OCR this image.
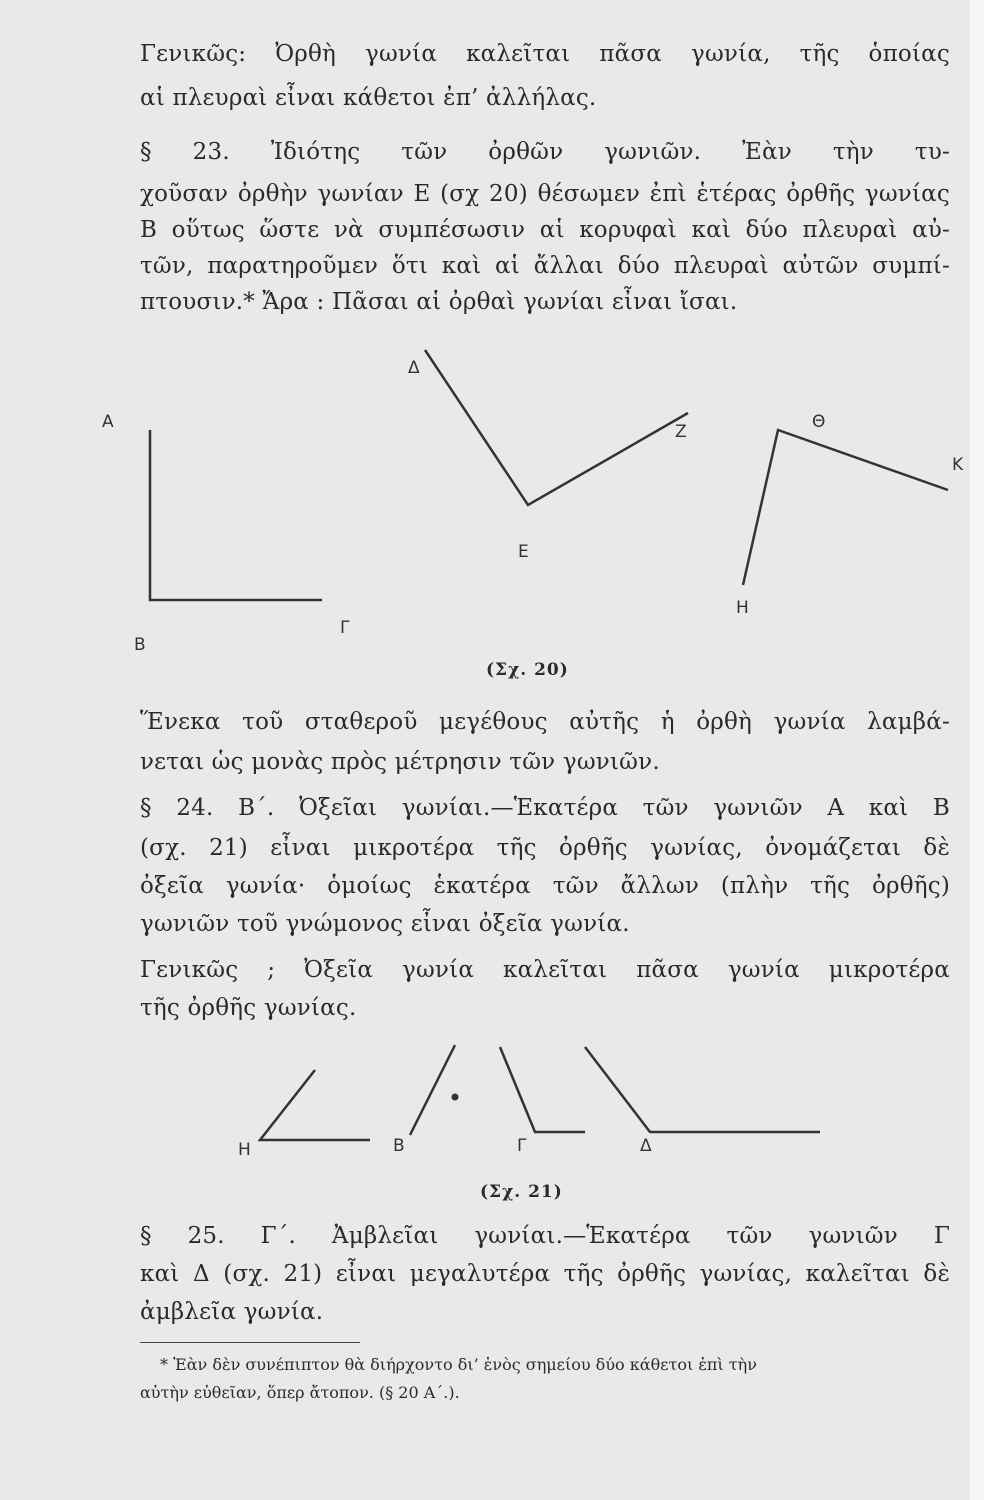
Γενικῶς: Ὀρθὴ γωνία καλεῖται πᾶσα γωνία, τῆς ὁποίας

αἱ πλευραὶ εἶναι κάθετοι ἐπ’ ἀλλήλας.

§ 23. Ἰδιότης τῶν ὀρθῶν γωνιῶν. Ἐὰν τὴν τυ-

χοῦσαν ὀρθὴν γωνίαν Ε (σχ 20) θέσωμεν ἐπὶ ἑτέρας ὀρθῆς γωνίας

Β οὕτως ὥστε νὰ συμπέσωσιν αἱ κορυφαὶ καὶ δύο πλευραὶ αὐ-

τῶν, παρατηροῦμεν ὅτι καὶ αἱ ἄλλαι δύο πλευραὶ αὐτῶν συμπί-

πτουσιν.* Ἄρα : Πᾶσαι αἱ ὀρθαὶ γωνίαι εἶναι ἴσαι.

A
B
Γ
Δ
Z
E
Θ
K
H
(Σχ. 20)

Ἕνεκα τοῦ σταθεροῦ μεγέθους αὐτῆς ἡ ὀρθὴ γωνία λαμβά-

νεται ὡς μονὰς πρὸς μέτρησιν τῶν γωνιῶν.

§ 24. Β΄. Ὀξεῖαι γωνίαι.—Ἑκατέρα τῶν γωνιῶν Α καὶ Β

(σχ. 21) εἶναι μικροτέρα τῆς ὀρθῆς γωνίας, ὀνομάζεται δὲ

ὀξεῖα γωνία· ὁμοίως ἑκατέρα τῶν ἄλλων (πλὴν τῆς ὀρθῆς)

γωνιῶν τοῦ γνώμονος εἶναι ὀξεῖα γωνία.

Γενικῶς ; Ὀξεῖα γωνία καλεῖται πᾶσα γωνία μικροτέρα

τῆς ὀρθῆς γωνίας.

H	B	Γ	Δ
(Σχ. 21)

§ 25. Γ΄. Ἀμβλεῖαι γωνίαι.—Ἑκατέρα τῶν γωνιῶν Γ

καὶ Δ (σχ. 21) εἶναι μεγαλυτέρα τῆς ὀρθῆς γωνίας, καλεῖται δὲ

ἀμβλεῖα γωνία.

* Ἐὰν δὲν συνέπιπτον θὰ διήρχοντο δι’ ἑνὸς σημείου δύο κάθετοι ἐπὶ τὴν
αὐτὴν εὐθεῖαν, ὅπερ ἄτοπον. (§ 20 Α΄.).
